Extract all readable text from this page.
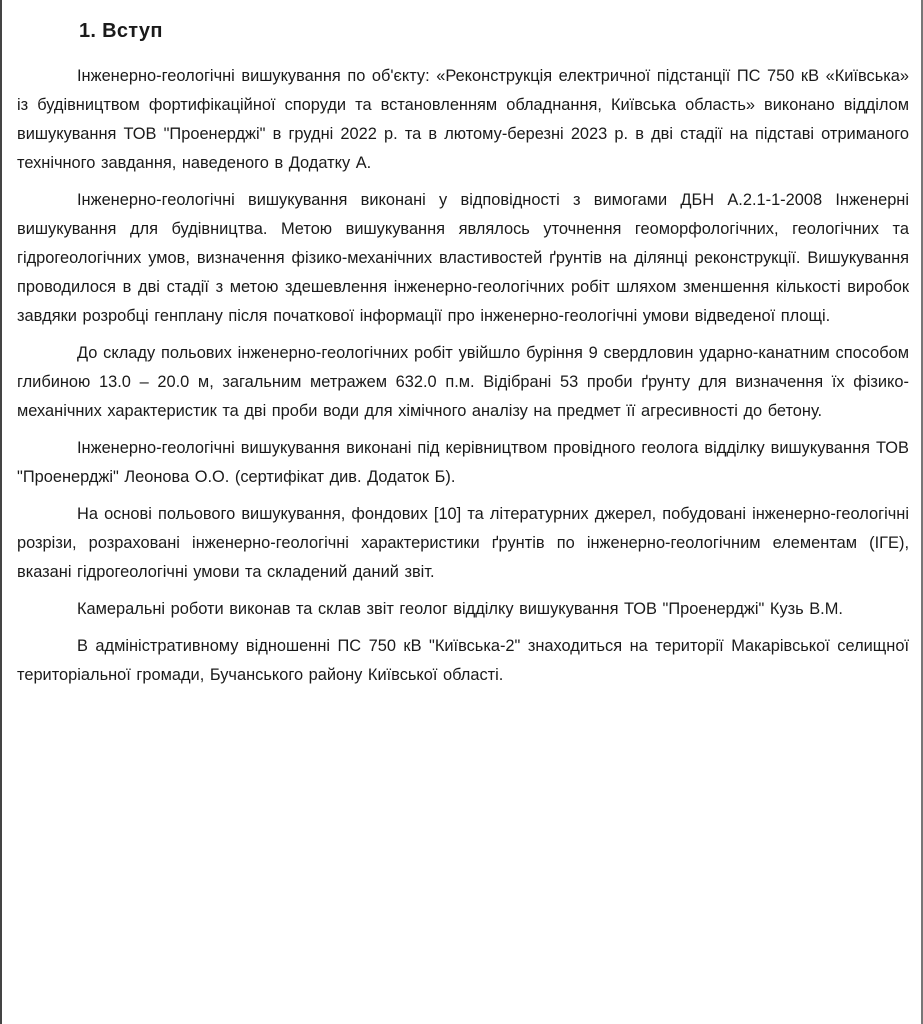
1. Вступ

Інженерно-геологічні вишукування по об'єкту: «Реконструкція електричної підстанції ПС 750 кВ «Київська» із будівництвом фортифікаційної споруди та встановленням обладнання, Київська область» виконано відділом вишукування ТОВ "Проенерджі" в грудні 2022 р. та в лютому-березні 2023 р. в дві стадії на підставі отриманого технічного завдання, наведеного в Додатку А.

Інженерно-геологічні вишукування виконані у відповідності з вимогами ДБН А.2.1-1-2008 Інженерні вишукування для будівництва. Метою вишукування являлось уточнення геоморфологічних, геологічних та гідрогеологічних умов, визначення фізико-механічних властивостей ґрунтів на ділянці реконструкції. Вишукування проводилося в дві стадії з метою здешевлення інженерно-геологічних робіт шляхом зменшення кількості виробок завдяки розробці генплану після початкової інформації про інженерно-геологічні умови відведеної площі.

До складу польових інженерно-геологічних робіт увійшло буріння 9 свердловин ударно-канатним способом глибиною 13.0 – 20.0 м, загальним метражем 632.0 п.м. Відібрані 53 проби ґрунту для визначення їх фізико-механічних характеристик та дві проби води для хімічного аналізу на предмет її агресивності до бетону.

Інженерно-геологічні вишукування виконані під керівництвом провідного геолога відділку вишукування ТОВ "Проенерджі" Леонова О.О. (сертифікат див. Додаток Б).

На основі польового вишукування, фондових [10] та літературних джерел, побудовані інженерно-геологічні розрізи, розраховані інженерно-геологічні характеристики ґрунтів по інженерно-геологічним елементам (ІГЕ), вказані гідрогеологічні умови та складений даний звіт.

Камеральні роботи виконав та склав звіт геолог відділку вишукування ТОВ "Проенерджі" Кузь В.М.

В адміністративному відношенні ПС 750 кВ "Київська-2" знаходиться на території Макарівської селищної територіальної громади, Бучанського району Київської області.
